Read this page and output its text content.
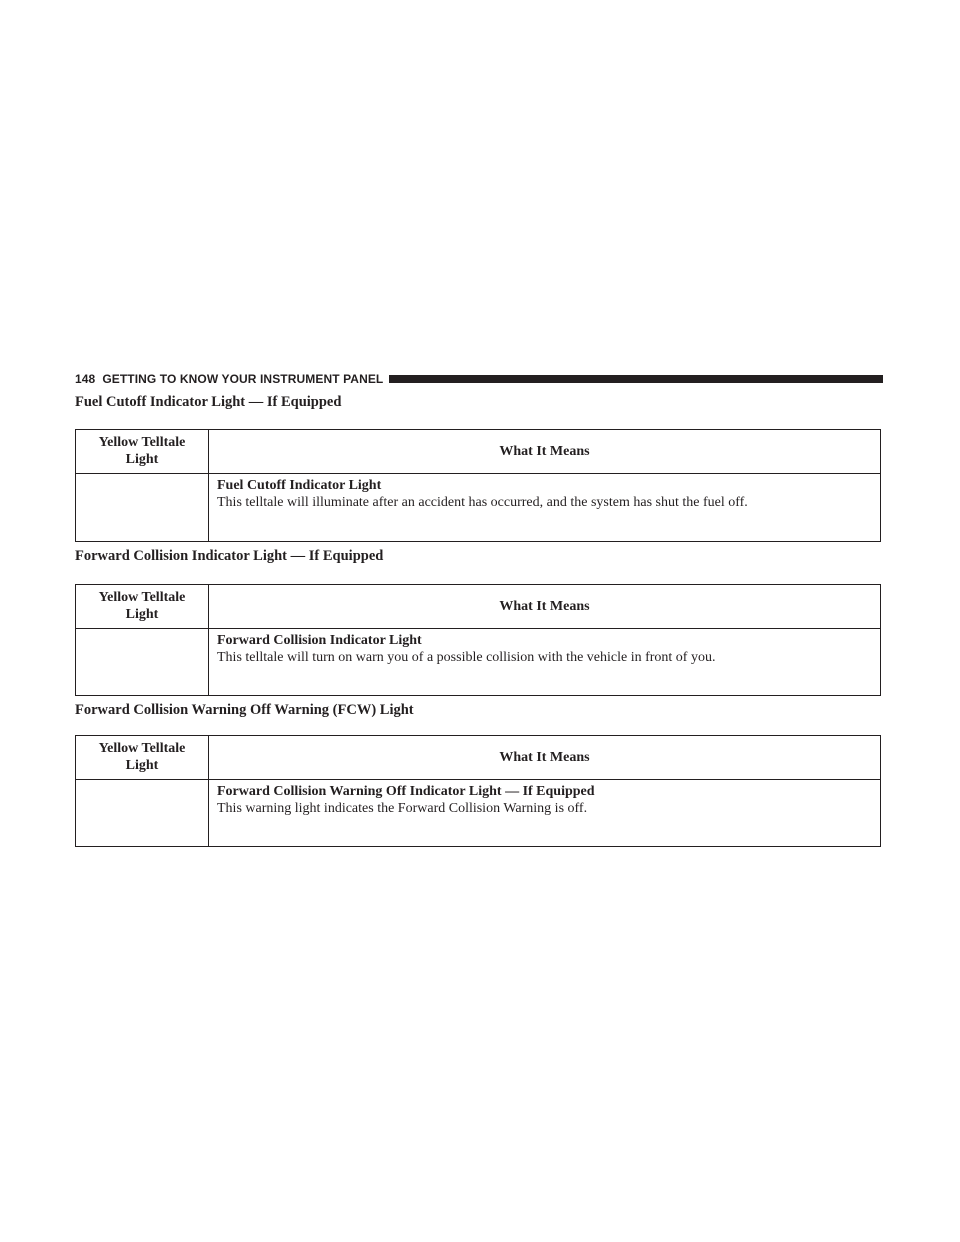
148 GETTING TO KNOW YOUR INSTRUMENT PANEL
Fuel Cutoff Indicator Light — If Equipped
Yellow Telltale
Light
What It Means
Fuel Cutoff Indicator Light
This telltale will illuminate after an accident has occurred, and the system has shut the fuel off.
Forward Collision Indicator Light — If Equipped
Yellow Telltale
Light
What It Means
Forward Collision Indicator Light
This telltale will turn on warn you of a possible collision with the vehicle in front of you.
Forward Collision Warning Off Warning (FCW) Light
Yellow Telltale
Light
What It Means
Forward Collision Warning Off Indicator Light — If Equipped
This warning light indicates the Forward Collision Warning is off.
